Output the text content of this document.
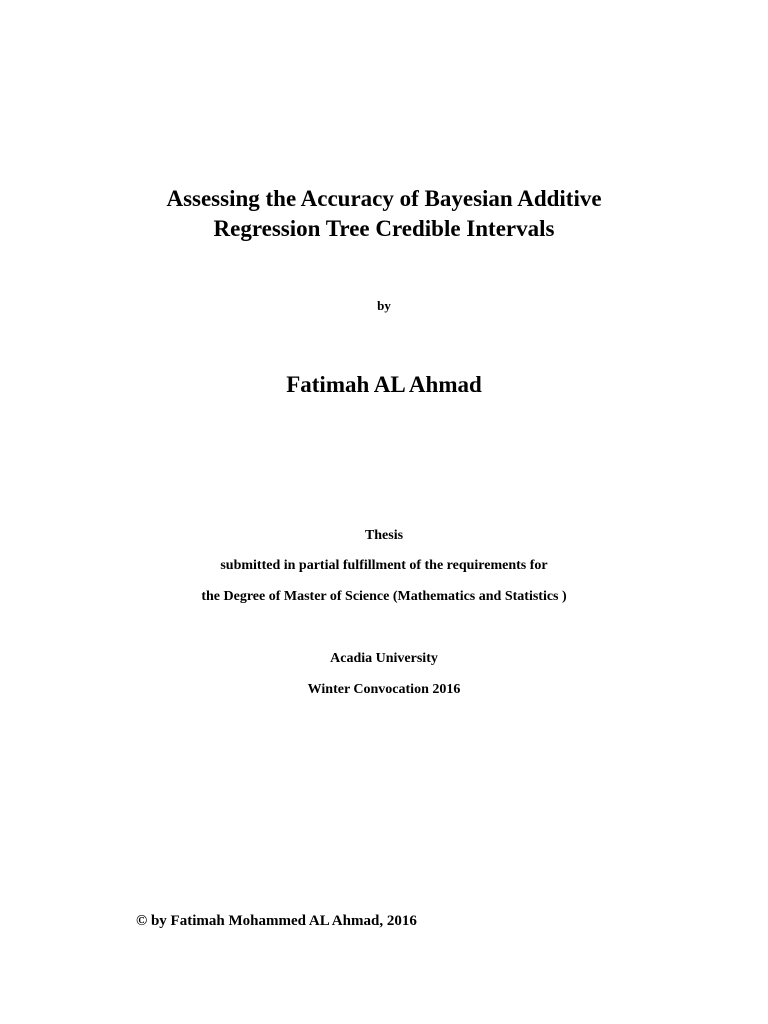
Assessing the Accuracy of Bayesian Additive
Regression Tree Credible Intervals

by

Fatimah AL Ahmad

Thesis

submitted in partial fulfillment of the requirements for

the Degree of Master of Science (Mathematics and Statistics )

Acadia University

Winter Convocation 2016

© by Fatimah Mohammed AL Ahmad, 2016
